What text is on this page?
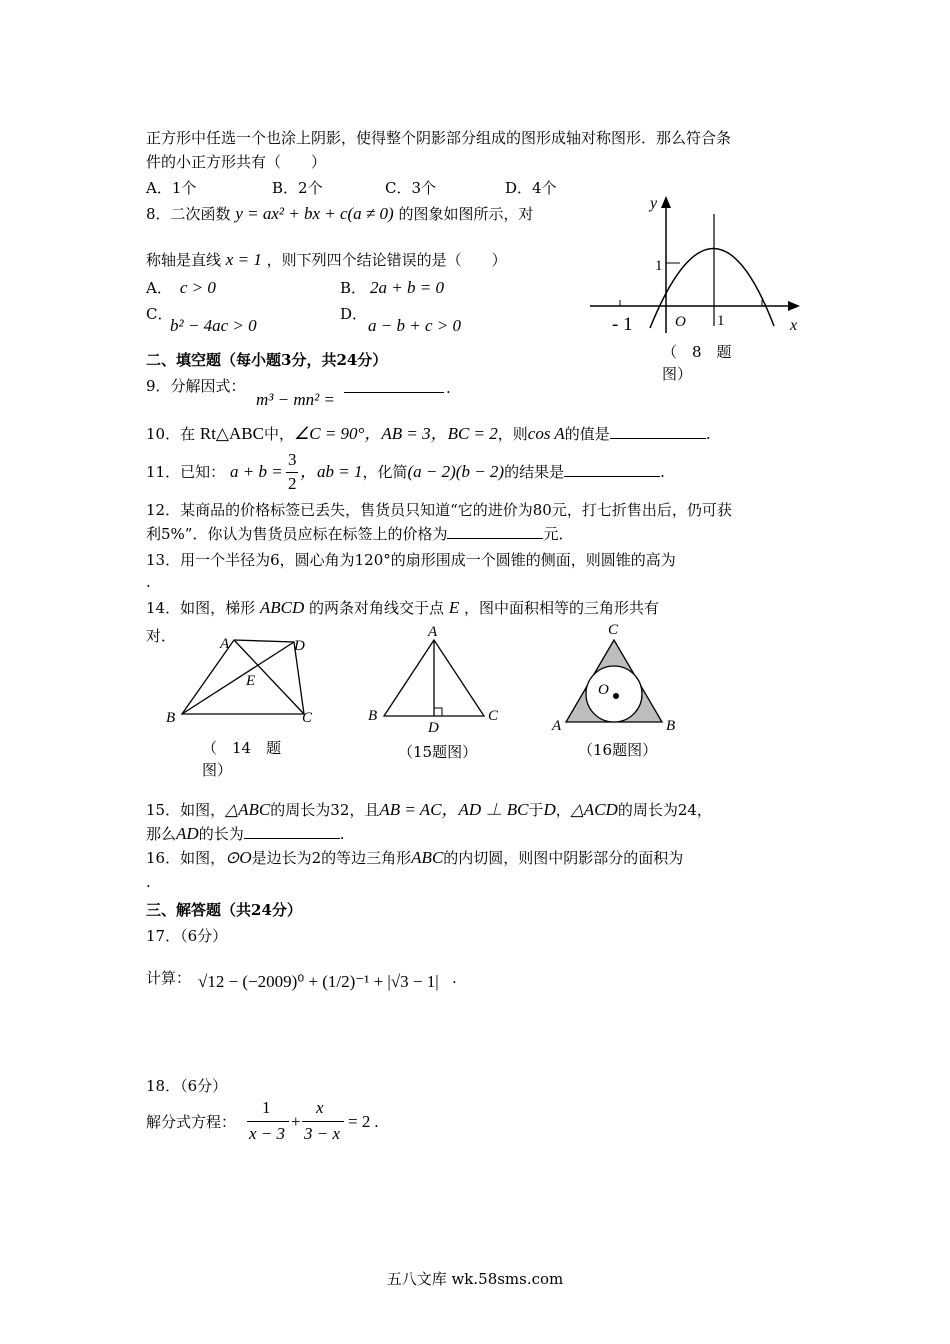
正方形中任选一个也涂上阴影，使得整个阴影部分组成的图形成轴对称图形．那么符合条
件的小正方形共有（　　）
A．1个	B．2个	C．3个	D．4个
8．二次函数 y = ax² + bx + c(a ≠ 0) 的图象如图所示，对
称轴是直线 x = 1 ，则下列四个结论错误的是（　　）
A． c > 0	B． 2a + b = 0
C．
b² − 4ac > 0
D．
a − b + c > 0
y
x
O
- 1	1
1
（　8　题
图）
二、填空题（每小题3分，共24分）
9．分解因式：
m³ − mn² =
.
10．在 Rt△ABC中，∠C = 90°，AB = 3，BC = 2，则cos A的值是	.
11．已知： a + b =
3
2
，ab = 1，化简(a − 2)(b − 2)的结果是	.
12．某商品的价格标签已丢失，售货员只知道“它的进价为80元，打七折售出后，仍可获
利5%”．你认为售货员应标在标签上的价格为	元．
13．用一个半径为6，圆心角为120°的扇形围成一个圆锥的侧面，则圆锥的高为
.
14．如图，梯形 ABCD 的两条对角线交于点 E ，图中面积相等的三角形共有
对．	A	D
E
B	C
（　14　题
图）
A
B	C
D
（15题图）
C
O
A	B
（16题图）
15．如图，△ABC的周长为32，且AB = AC，AD ⊥ BC于D，△ACD的周长为24，
那么AD的长为	.
16．如图，⊙O是边长为2的等边三角形ABC的内切圆，则图中阴影部分的面积为
.
三、解答题（共24分）
17．（6分）
计算： √12 − (−2009)⁰ + (1/2)⁻¹ + |√3 − 1| .
18．（6分）
解分式方程：
1
x − 3
+
x
3 − x
= 2 .
五八文库 wk.58sms.com
